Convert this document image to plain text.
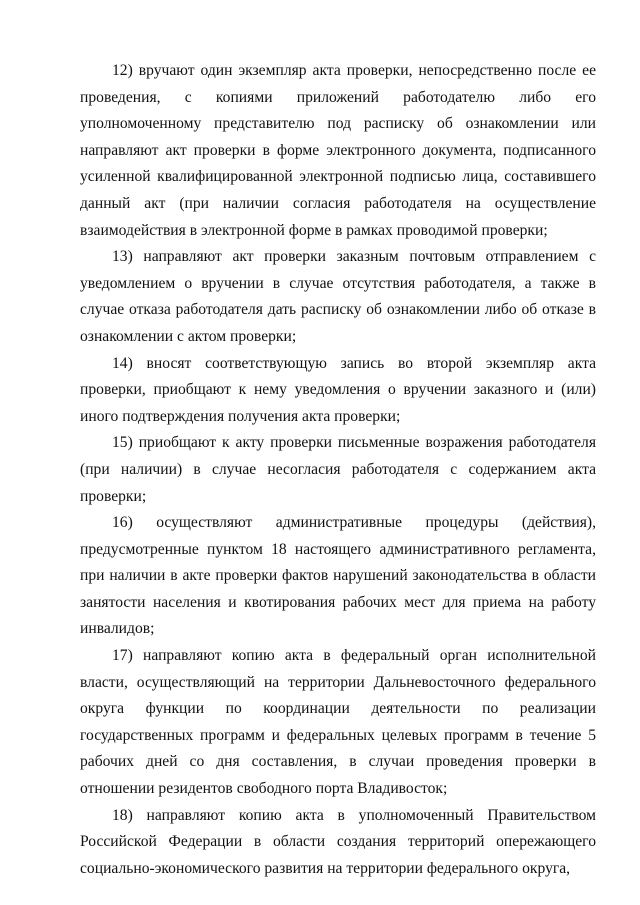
12) вручают один экземпляр акта проверки, непосредственно после ее проведения, с копиями приложений работодателю либо его уполномоченному представителю под расписку об ознакомлении или направляют акт проверки в форме электронного документа, подписанного усиленной квалифицированной электронной подписью лица, составившего данный акт (при наличии согласия работодателя на осуществление взаимодействия в электронной форме в рамках проводимой проверки;

13) направляют акт проверки заказным почтовым отправлением с уведомлением о вручении в случае отсутствия работодателя, а также в случае отказа работодателя дать расписку об ознакомлении либо об отказе в ознакомлении с актом проверки;

14) вносят соответствующую запись во второй экземпляр акта проверки, приобщают к нему уведомления о вручении заказного и (или) иного подтверждения получения акта проверки;

15) приобщают к акту проверки письменные возражения работодателя (при наличии) в случае несогласия работодателя с содержанием акта проверки;

16) осуществляют административные процедуры (действия), предусмотренные пунктом 18 настоящего административного регламента, при наличии в акте проверки фактов нарушений законодательства в области занятости населения и квотирования рабочих мест для приема на работу инвалидов;

17) направляют копию акта в федеральный орган исполнительной власти, осуществляющий на территории Дальневосточного федерального округа функции по координации деятельности по реализации государственных программ и федеральных целевых программ в течение 5 рабочих дней со дня составления, в случаи проведения проверки в отношении резидентов свободного порта Владивосток;

18) направляют копию акта в уполномоченный Правительством Российской Федерации в области создания территорий опережающего социально-экономического развития на территории федерального округа,
